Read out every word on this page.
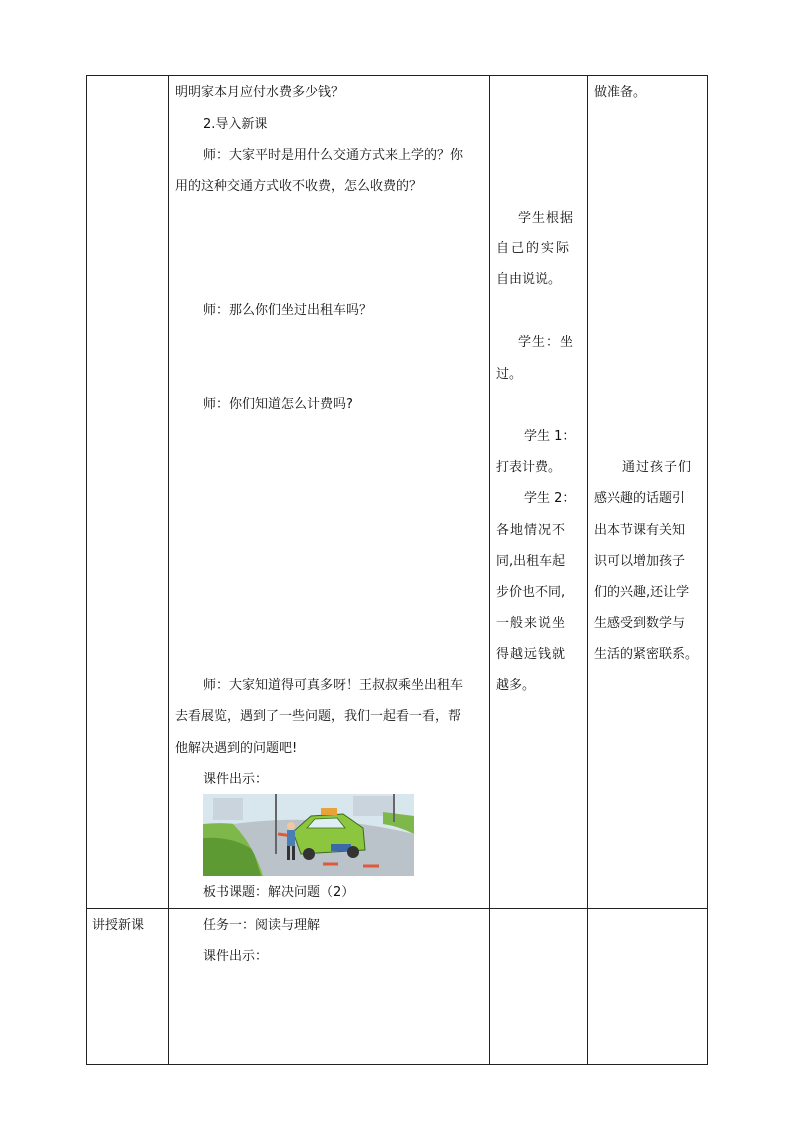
明明家本月应付水费多少钱？
2.导入新课
师：大家平时是用什么交通方式来上学的？你
用的这种交通方式收不收费，怎么收费的？
师：那么你们坐过出租车吗？
师：你们知道怎么计费吗?
师：大家知道得可真多呀！王叔叔乘坐出租车
去看展览，遇到了一些问题，我们一起看一看，帮
他解决遇到的问题吧!
课件出示：
板书课题：解决问题（2）
学生根据
自己的实际
自由说说。
学生：坐
过。
学生 1：
打表计费。
学生 2：
各地情况不
同,出租车起
步价也不同,
一般来说坐
得越远钱就
越多。
做准备。
通过孩子们
感兴趣的话题引
出本节课有关知
识可以增加孩子
们的兴趣,还让学
生感受到数学与
生活的紧密联系。
讲授新课	任务一：阅读与理解
课件出示：
